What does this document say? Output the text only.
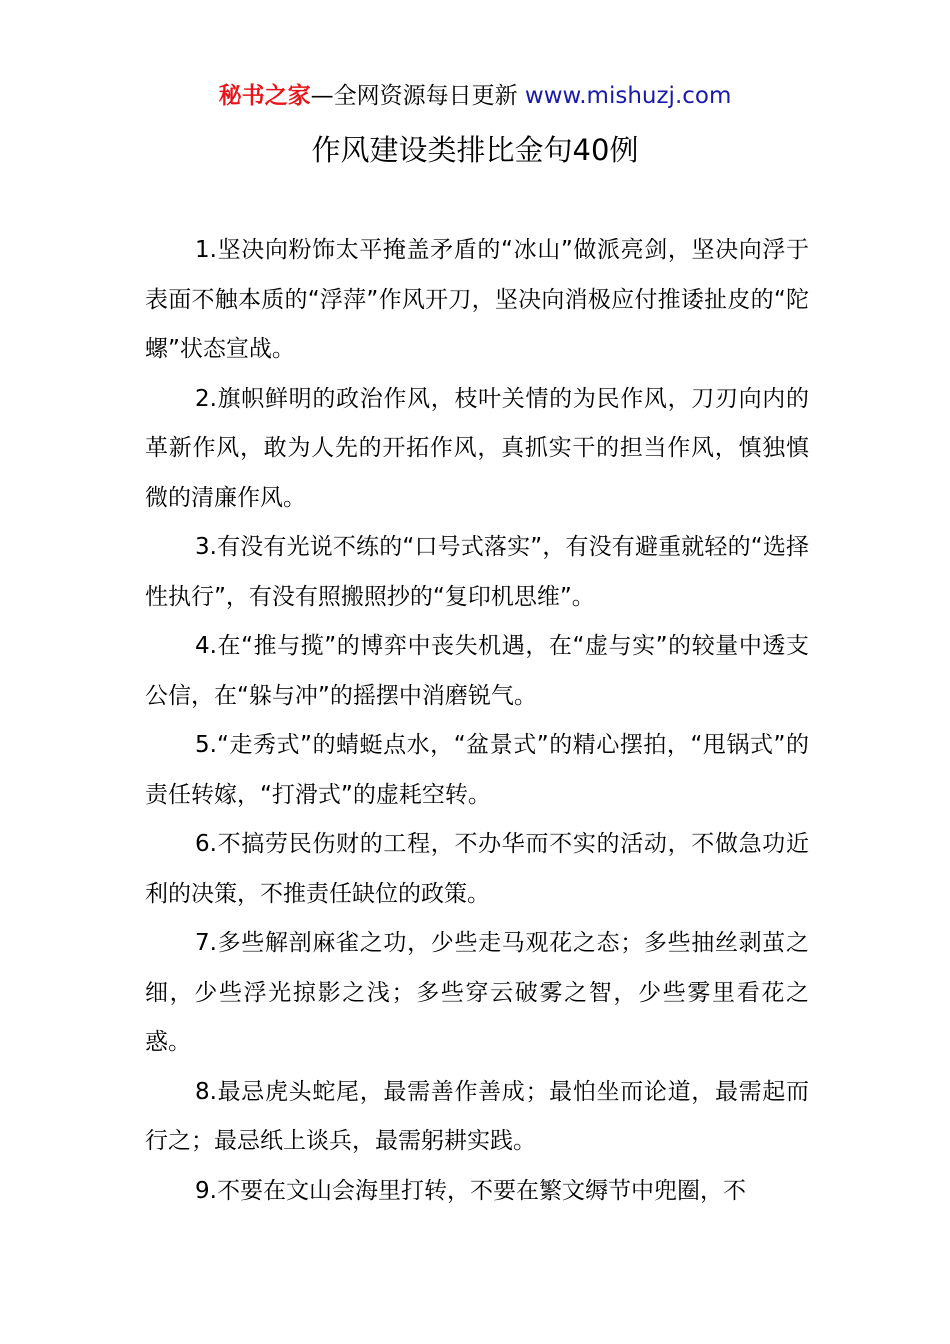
秘书之家—全网资源每日更新 www.mishuzj.com
作风建设类排比金句40例

1.坚决向粉饰太平掩盖矛盾的“冰山”做派亮剑，坚决向浮于表面不触本质的“浮萍”作风开刀，坚决向消极应付推诿扯皮的“陀螺”状态宣战。

2.旗帜鲜明的政治作风，枝叶关情的为民作风，刀刃向内的革新作风，敢为人先的开拓作风，真抓实干的担当作风，慎独慎微的清廉作风。

3.有没有光说不练的“口号式落实”，有没有避重就轻的“选择性执行”，有没有照搬照抄的“复印机思维”。

4.在“推与揽”的博弈中丧失机遇，在“虚与实”的较量中透支公信，在“躲与冲”的摇摆中消磨锐气。

5.“走秀式”的蜻蜓点水，“盆景式”的精心摆拍，“甩锅式”的责任转嫁，“打滑式”的虚耗空转。

6.不搞劳民伤财的工程，不办华而不实的活动，不做急功近利的决策，不推责任缺位的政策。

7.多些解剖麻雀之功，少些走马观花之态；多些抽丝剥茧之细，少些浮光掠影之浅；多些穿云破雾之智，少些雾里看花之惑。

8.最忌虎头蛇尾，最需善作善成；最怕坐而论道，最需起而行之；最忌纸上谈兵，最需躬耕实践。

9.不要在文山会海里打转，不要在繁文缛节中兜圈，不
